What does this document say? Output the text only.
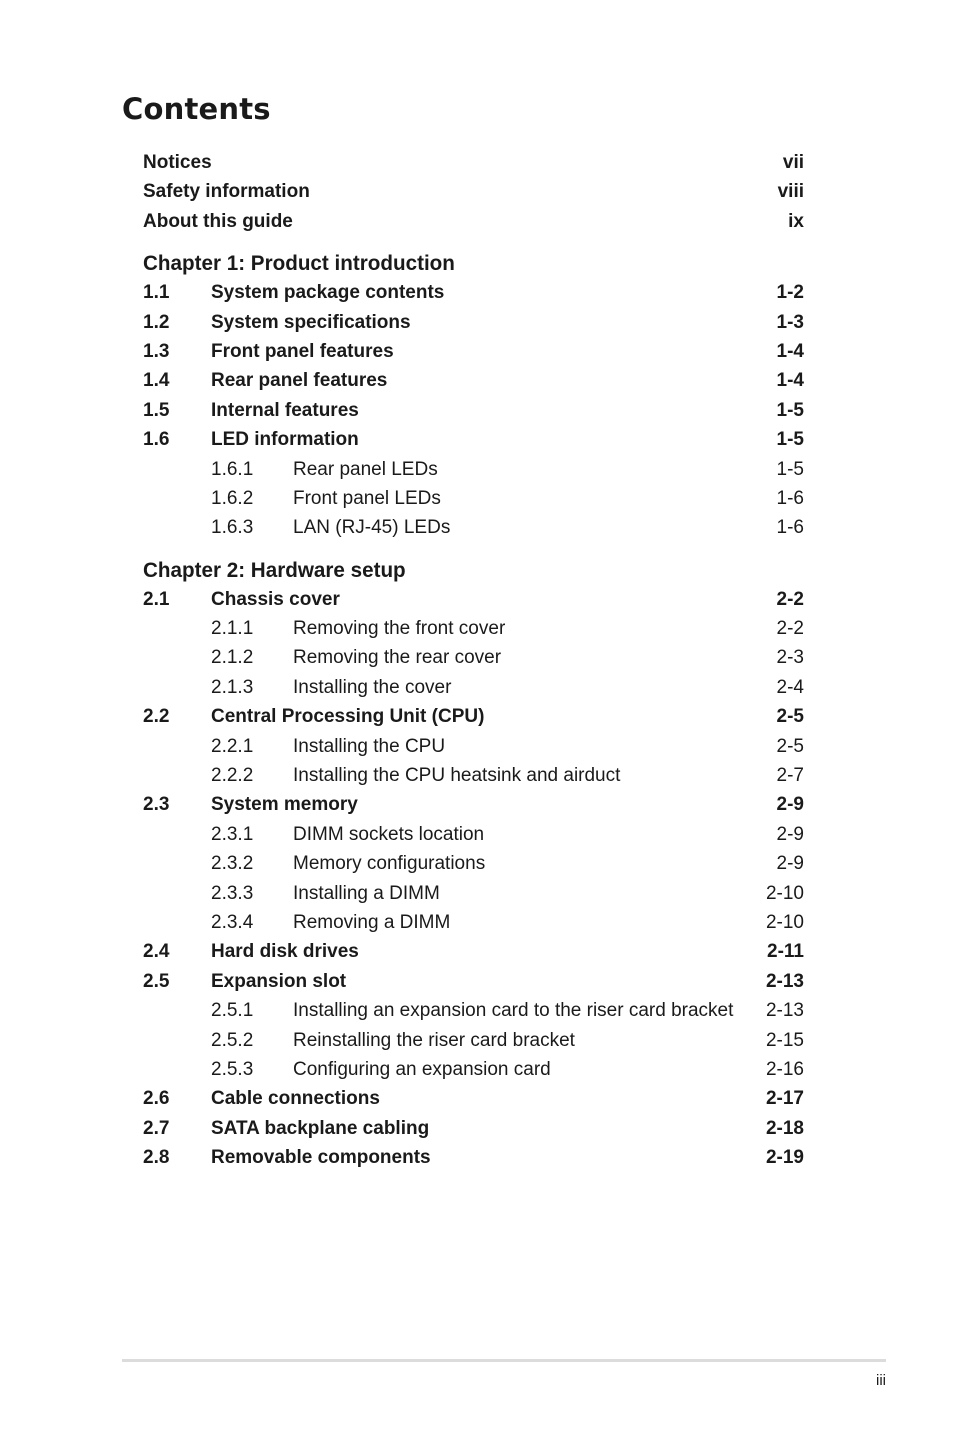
Contents
Notices	vii
Safety information	viii
About this guide	ix
Chapter 1: Product introduction
1.1	System package contents	1-2
1.2	System specifications	1-3
1.3	Front panel features	1-4
1.4	Rear panel features	1-4
1.5	Internal features	1-5
1.6	LED information	1-5
1.6.1	Rear panel LEDs	1-5
1.6.2	Front panel LEDs	1-6
1.6.3	LAN (RJ-45) LEDs	1-6
Chapter 2: Hardware setup
2.1	Chassis cover	2-2
2.1.1	Removing the front cover	2-2
2.1.2	Removing the rear cover	2-3
2.1.3	Installing the cover	2-4
2.2	Central Processing Unit (CPU)	2-5
2.2.1	Installing the CPU	2-5
2.2.2	Installing the CPU heatsink and airduct	2-7
2.3	System memory	2-9
2.3.1	DIMM sockets location	2-9
2.3.2	Memory configurations	2-9
2.3.3	Installing a DIMM	2-10
2.3.4	Removing a DIMM	2-10
2.4	Hard disk drives	2-11
2.5	Expansion slot	2-13
2.5.1	Installing an expansion card to the riser card bracket 2-13
2.5.2	Reinstalling the riser card bracket	2-15
2.5.3	Configuring an expansion card	2-16
2.6	Cable connections	2-17
2.7	SATA backplane cabling	2-18
2.8	Removable components	2-19
iii
